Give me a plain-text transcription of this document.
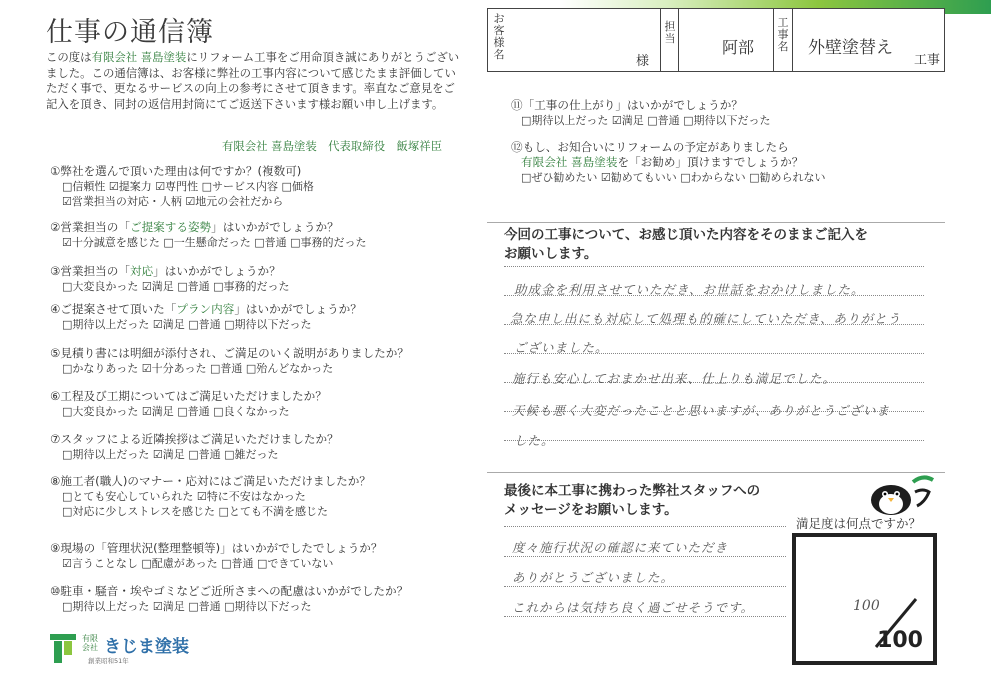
仕事の通信簿
この度は有限会社 喜島塗装にリフォーム工事をご用命頂き誠にありがとうございました。この通信簿は、お客様に弊社の工事内容について感じたまま評価していただく事で、更なるサービスの向上の参考にさせて頂きます。率直なご意見をご記入を頂き、同封の返信用封筒にてご返送下さいます様お願い申し上げます。
有限会社 喜島塗装　代表取締役　飯塚祥臣
①弊社を選んで頂いた理由は何ですか？(複数可)
□信頼性 ☑提案力 ☑専門性 □サービス内容 □価格
☑営業担当の対応・人柄 ☑地元の会社だから
②営業担当の「ご提案する姿勢」はいかがでしょうか？
☑十分誠意を感じた □一生懸命だった □普通 □事務的だった
③営業担当の「対応」はいかがでしょうか？
□大変良かった ☑満足 □普通 □事務的だった
④ご提案させて頂いた「プラン内容」はいかがでしょうか？
□期待以上だった ☑満足 □普通 □期待以下だった
⑤見積り書には明細が添付され、ご満足のいく説明がありましたか？
□かなりあった ☑十分あった □普通 □殆んどなかった
⑥工程及び工期についてはご満足いただけましたか？
□大変良かった ☑満足 □普通 □良くなかった
⑦スタッフによる近隣挨拶はご満足いただけましたか？
□期待以上だった ☑満足 □普通 □雑だった
⑧施工者(職人)のマナー・応対にはご満足いただけましたか？
□とても安心していられた ☑特に不安はなかった
□対応に少しストレスを感じた □とても不満を感じた
⑨現場の「管理状況(整理整頓等)」はいかがでしたでしょうか？
☑言うことなし □配慮があった □普通 □できていない
⑩駐車・騒音・埃やゴミなどご近所さまへの配慮はいかがでしたか？
□期待以上だった ☑満足 □普通 □期待以下だった
有限会社 きじま塗装
創業昭和51年
お
客
様
名	様
担
当	阿部
工
事
名 外壁塗替え
工事
⑪「工事の仕上がり」はいかがでしょうか？
□期待以上だった ☑満足 □普通 □期待以下だった
⑫もし、お知合いにリフォームの予定がありましたら
有限会社 喜島塗装を「お勧め」頂けますでしょうか？
□ぜひ勧めたい ☑勧めてもいい □わからない □勧められない
今回の工事について、お感じ頂いた内容をそのままご記入を
お願いします。
助成金を利用させていただき、お世話をおかけしました。
急な申し出にも対応して処理も的確にしていただき、ありがとう
ございました。
施行も安心しておまかせ出来、仕上りも満足でした。
天候も悪く大変だったことと思いますが、ありがとうございま
した。
最後に本工事に携わった弊社スタッフへの
メッセージをお願いします。
度々施行状況の確認に来ていただき
ありがとうございました。
これからは気持ち良く過ごせそうです。
満足度は何点ですか？
100
100
